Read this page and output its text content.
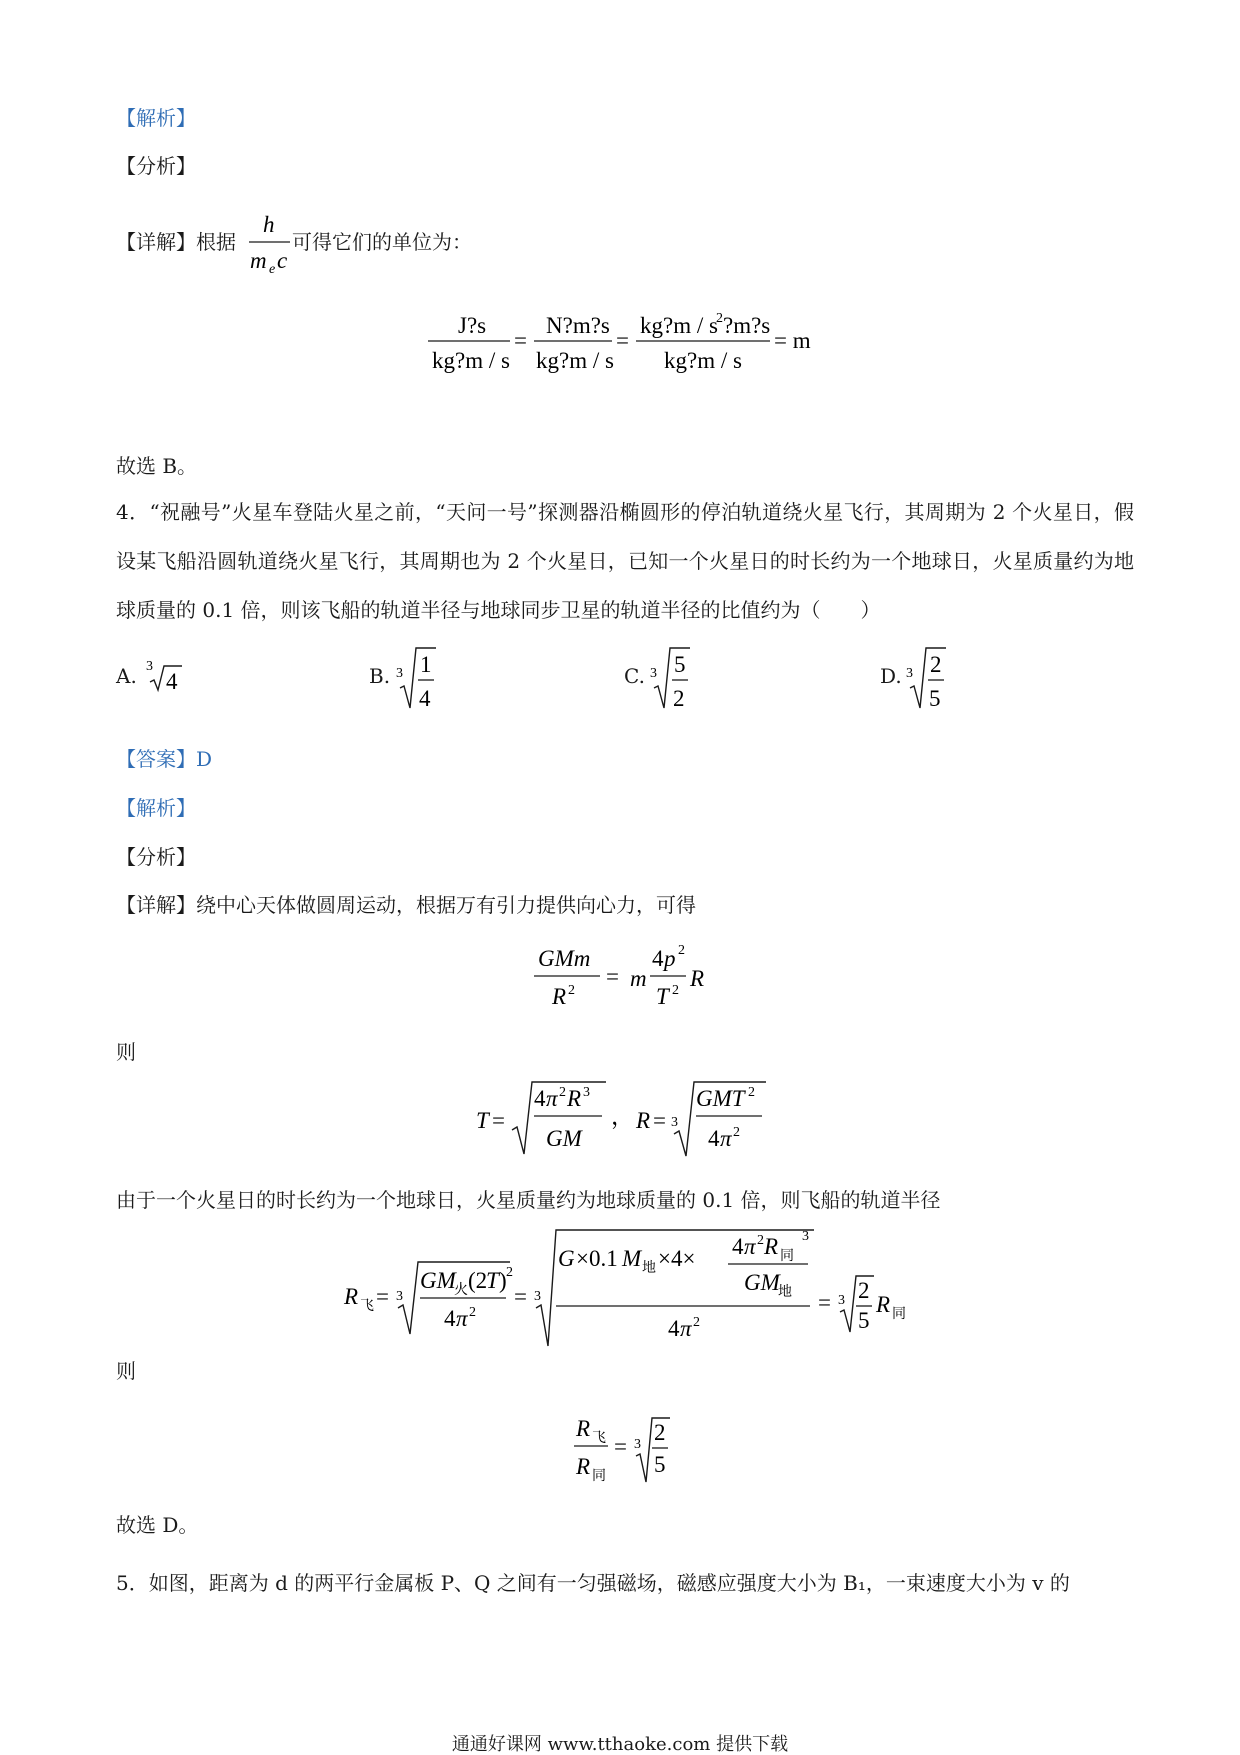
【解析】
【分析】
【详解】根据
h
m e c
可得它们的单位为：
J?s
kg?m / s
=
N?m?s
kg?m / s
=
kg?m / s
2 ?m?s
kg?m / s
= m
故选 B。
4．“祝融号”火星车登陆火星之前，“天问一号”探测器沿椭圆形的停泊轨道绕火星飞行，其周期为 2 个火星日，假设某飞船沿圆轨道绕火星飞行，其周期也为 2 个火星日，已知一个火星日的时长约为一个地球日，火星质量约为地球质量的 0.1 倍，则该飞船的轨道半径与地球同步卫星的轨道半径的比值约为（　　）
A. 3
4	B. 3 1
4
C. 3 5
2
D. 3 2
5
【答案】D
【解析】
【分析】
【详解】绕中心天体做圆周运动，根据万有引力提供向心力，可得
GMm
R 2
= m
4 p 2
T 2 R
则
T =
4 π 2 R 3
GM
， R = 3
GMT 2
4 π 2
由于一个火星日的时长约为一个地球日，火星质量约为地球质量的 0.1 倍，则飞船的轨道半径
R 飞 = 3
GM
火 (2
T ) 2
4 π 2
= 3
G ×0.1 M 地 ×4× 4 π 2 R 同
3
GM
地
4 π 2
= 3 2
5
R 同
则
R 飞
R 同
= 3 2
5
故选 D。
5．如图，距离为 d 的两平行金属板 P、Q 之间有一匀强磁场，磁感应强度大小为 B₁，一束速度大小为 v 的
通通好课网 www.tthaoke.com 提供下载
